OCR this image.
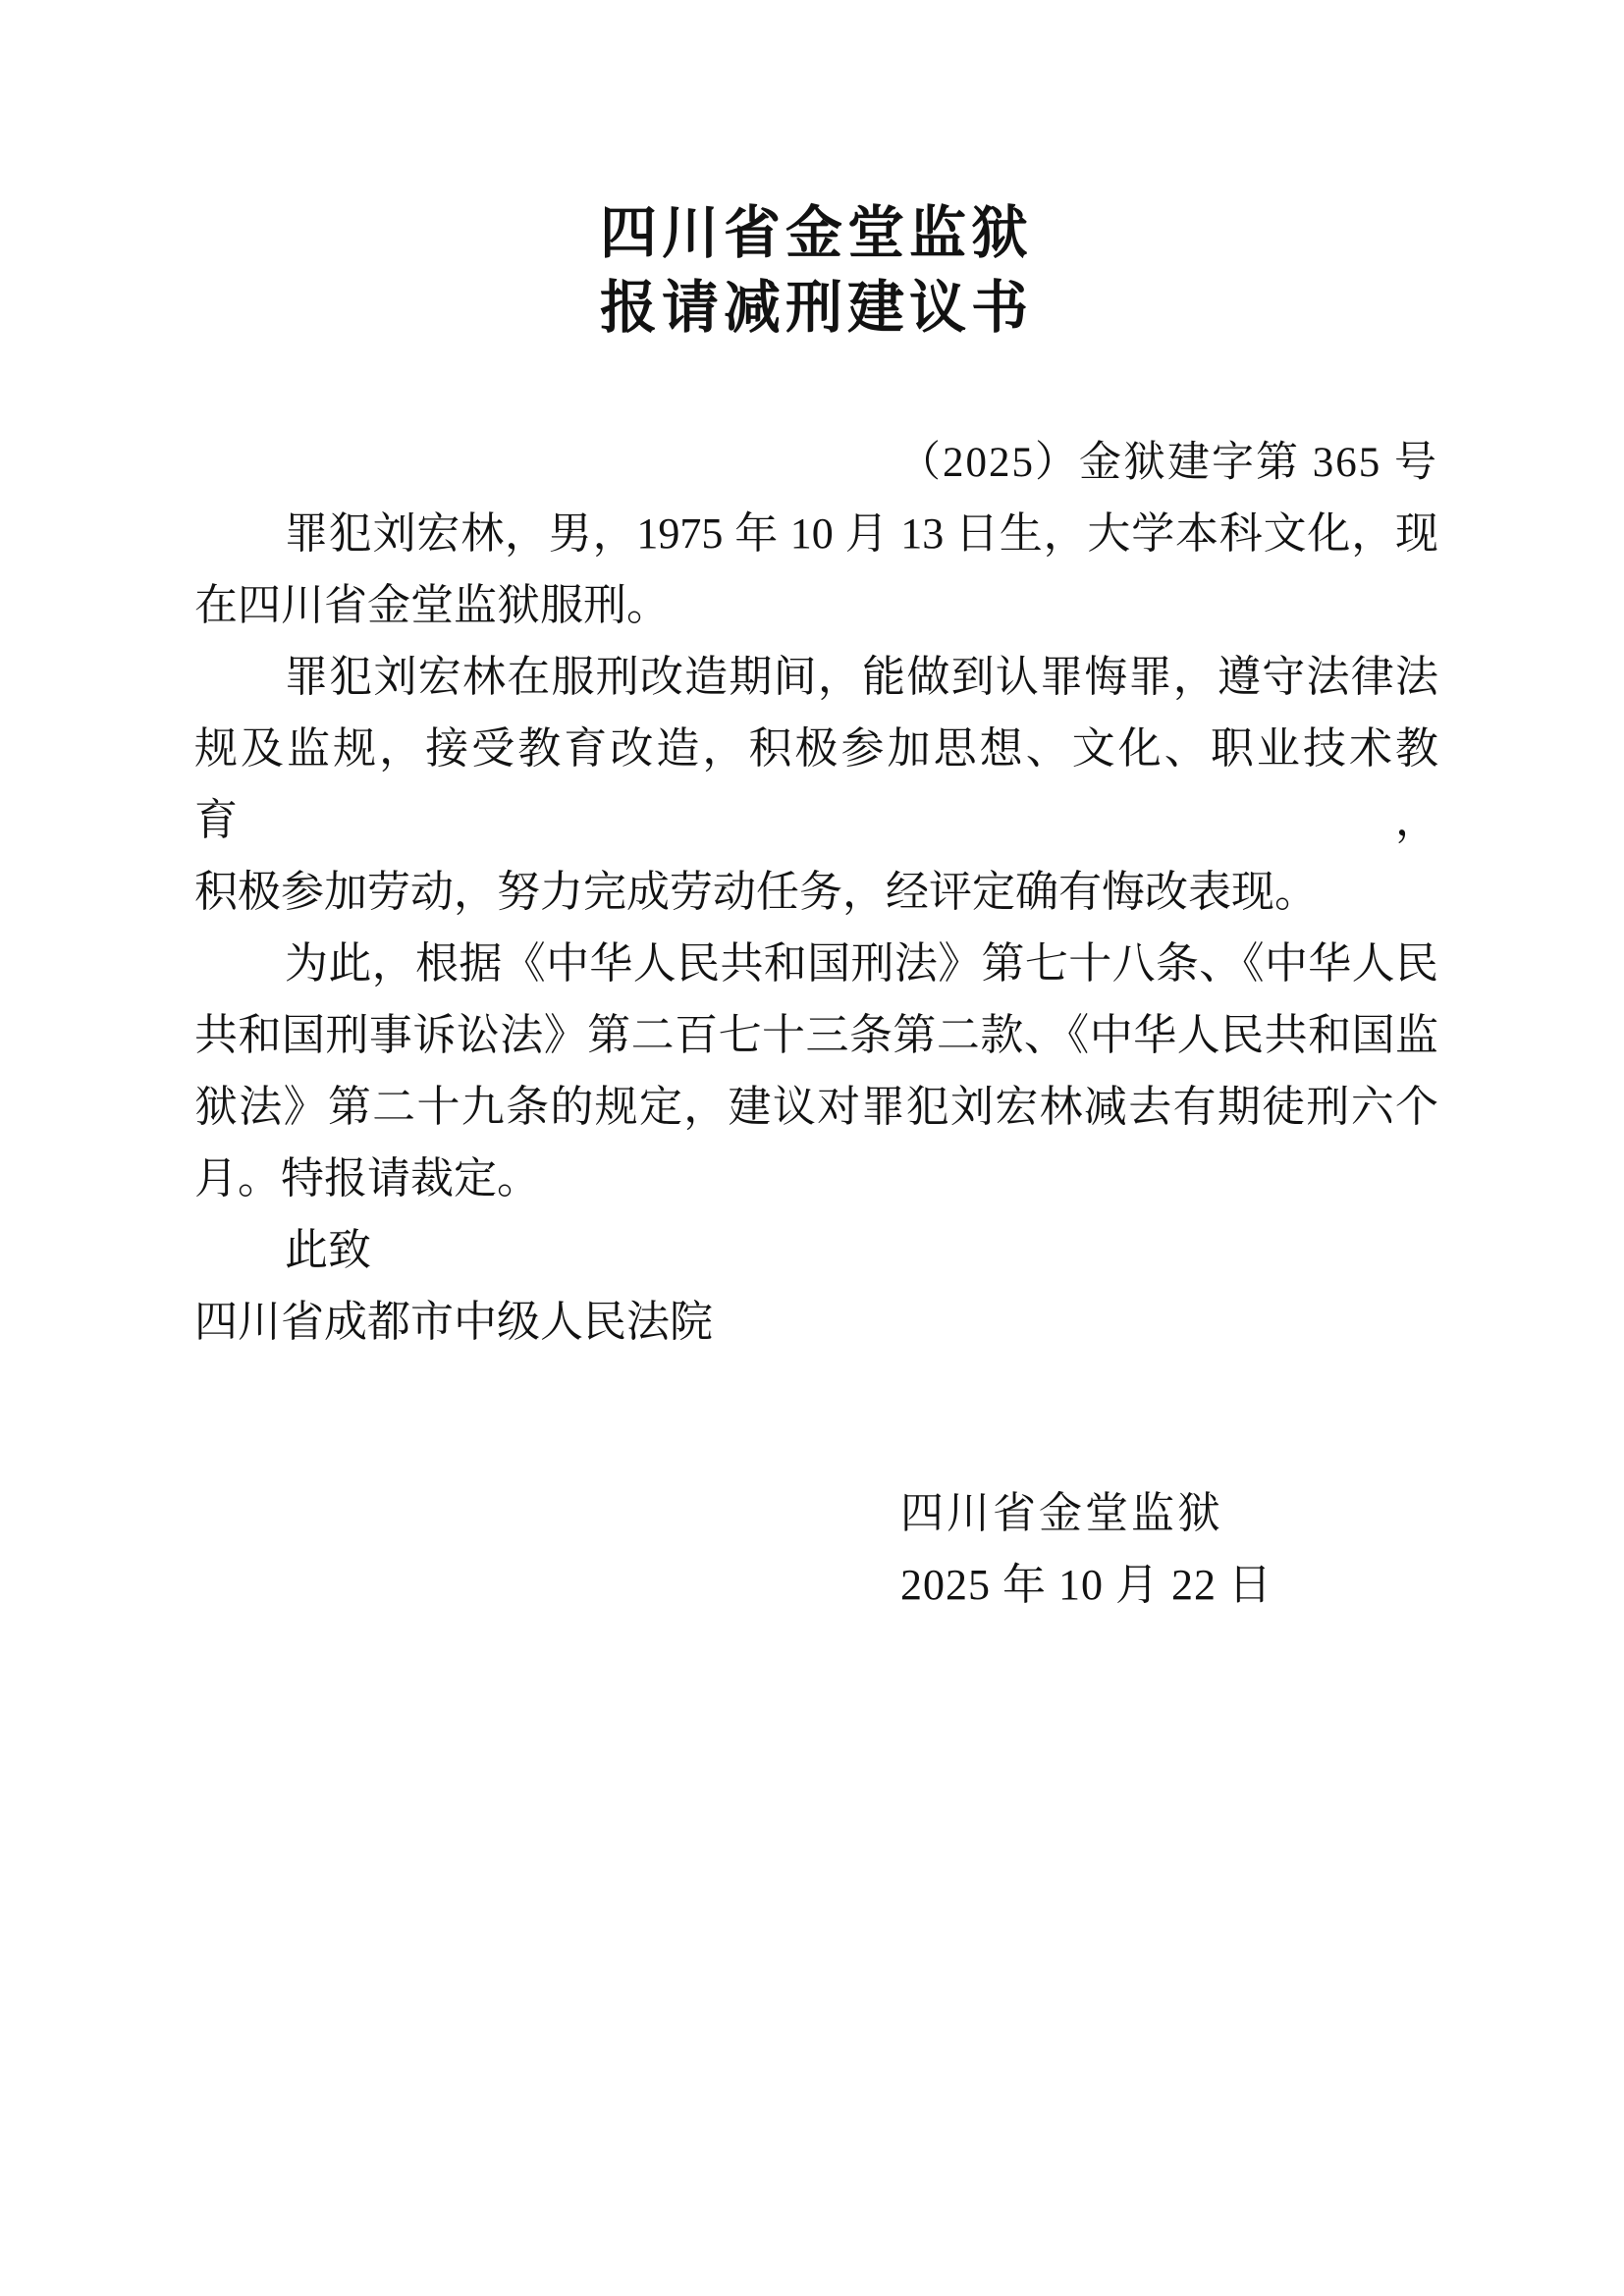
四川省金堂监狱
报请减刑建议书
（2025）金狱建字第 365 号
罪犯刘宏林，男，1975 年 10 月 13 日生，大学本科文化，现
在四川省金堂监狱服刑。
罪犯刘宏林在服刑改造期间，能做到认罪悔罪，遵守法律法
规及监规，接受教育改造，积极参加思想、文化、职业技术教育，
积极参加劳动，努力完成劳动任务，经评定确有悔改表现。
为此，根据《中华人民共和国刑法》第七十八条、《中华人民
共和国刑事诉讼法》第二百七十三条第二款、《中华人民共和国监
狱法》第二十九条的规定，建议对罪犯刘宏林减去有期徒刑六个
月。特报请裁定。
此致
四川省成都市中级人民法院
四川省金堂监狱
2025 年 10 月 22 日
